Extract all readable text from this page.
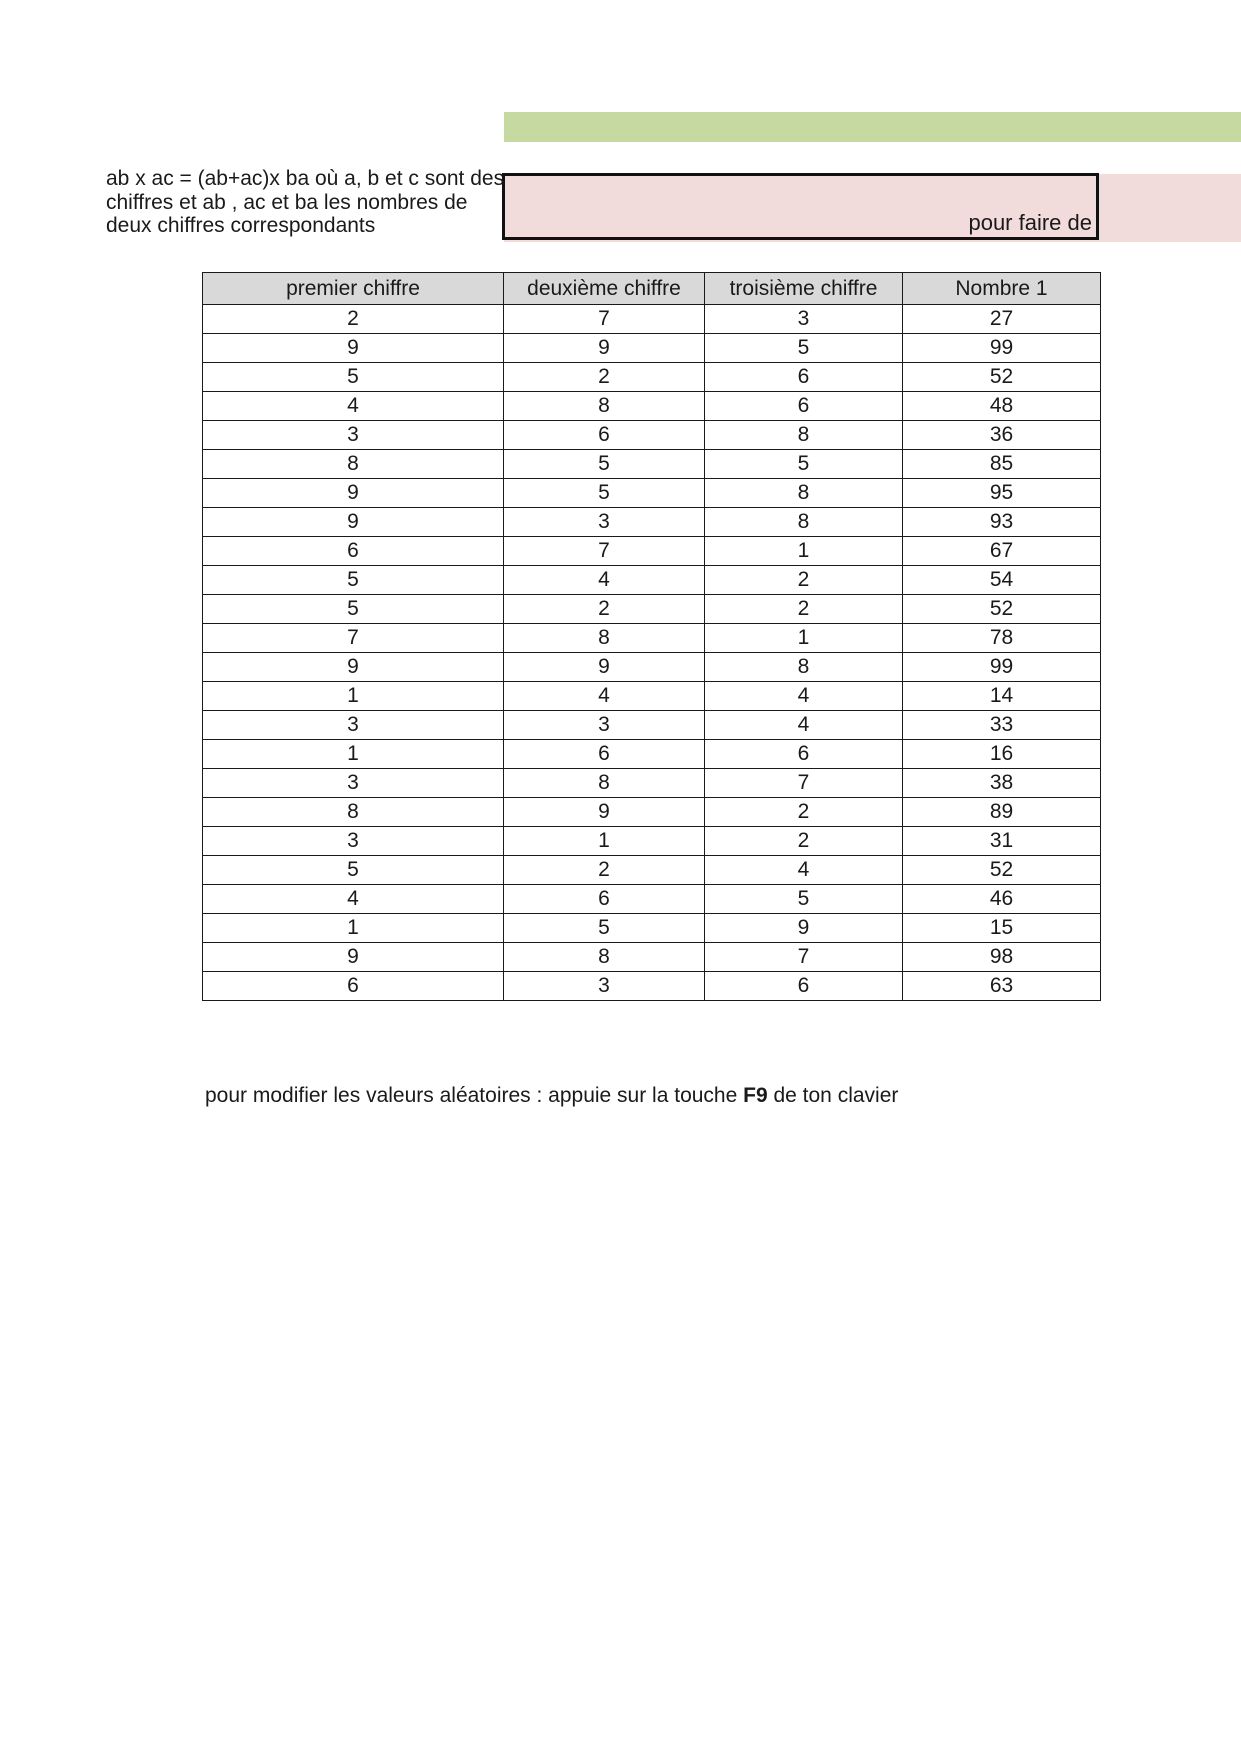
pour faire de
ab x ac = (ab+ac)x ba où a, b et c sont des
chiffres et ab , ac et ba les nombres de
deux chiffres correspondants
premier chiffre	deuxième chiffre	troisième chiffre	Nombre 1
2	7	3	27
9	9	5	99
5	2	6	52
4	8	6	48
3	6	8	36
8	5	5	85
9	5	8	95
9	3	8	93
6	7	1	67
5	4	2	54
5	2	2	52
7	8	1	78
9	9	8	99
1	4	4	14
3	3	4	33
1	6	6	16
3	8	7	38
8	9	2	89
3	1	2	31
5	2	4	52
4	6	5	46
1	5	9	15
9	8	7	98
6	3	6	63
pour modifier les valeurs aléatoires : appuie sur la touche F9 de ton clavier
